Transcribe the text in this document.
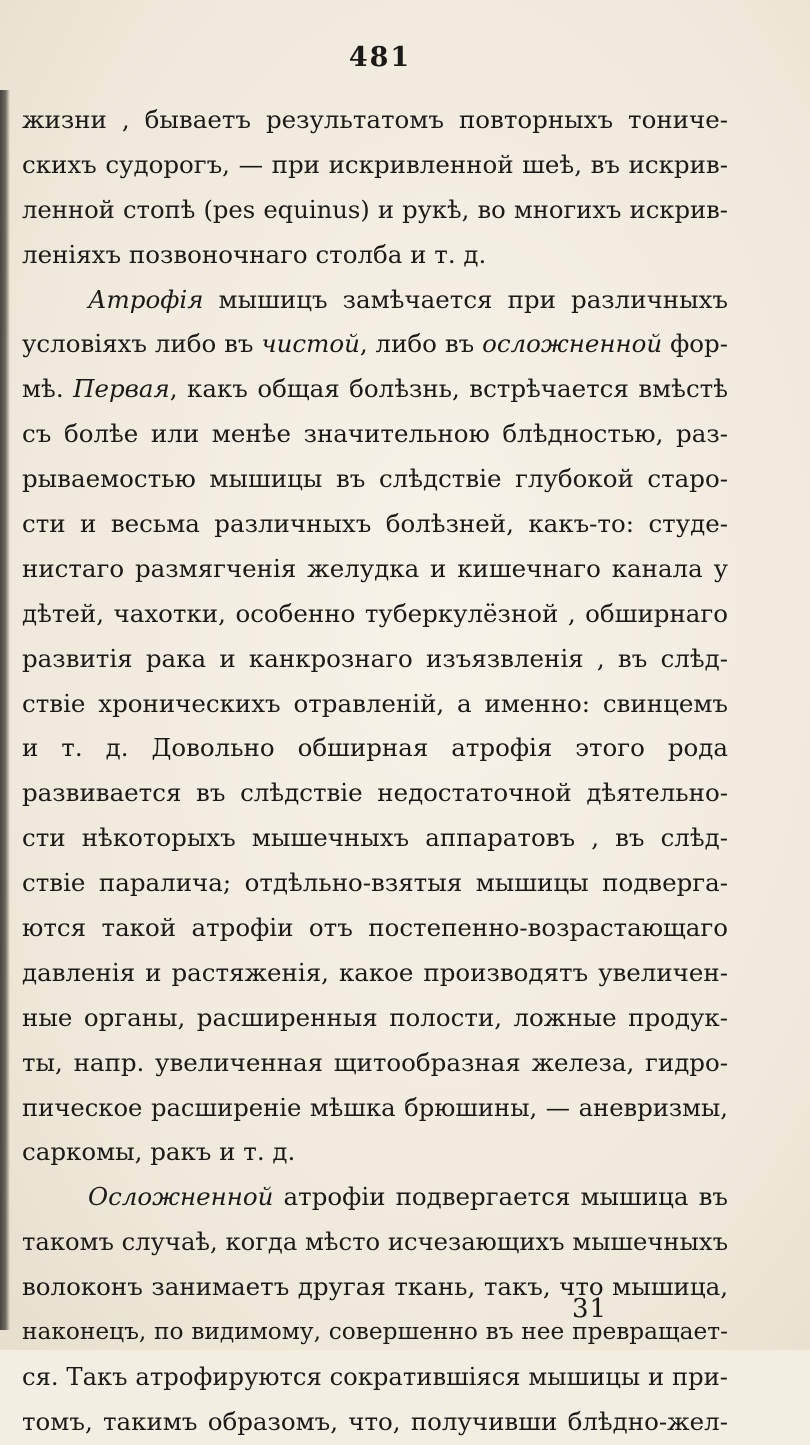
481
жизни , бываетъ результатомъ повторныхъ тониче-
скихъ судорогъ, — при искривленной шеѣ, въ искрив-
ленной стопѣ (pes equinus) и рукѣ, во многихъ искрив-
леніяхъ позвоночнаго столба и т. д.
Атрофія мышицъ замѣчается при различныхъ
условіяхъ либо въ чистой, либо въ осложненной фор-
мѣ. Первая, какъ общая болѣзнь, встрѣчается вмѣстѣ
съ болѣе или менѣе значительною блѣдностью, раз-
рываемостью мышицы въ слѣдствіе глубокой старо-
сти и весьма различныхъ болѣзней, какъ-то: студе-
нистаго размягченія желудка и кишечнаго канала у
дѣтей, чахотки, особенно туберкулёзной , обширнаго
развитія рака и канкрознаго изъязвленія , въ слѣд-
ствіе хроническихъ отравленій, а именно: свинцемъ
и т. д. Довольно обширная атрофія этого рода
развивается въ слѣдствіе недостаточной дѣятельно-
сти нѣкоторыхъ мышечныхъ аппаратовъ , въ слѣд-
ствіе паралича; отдѣльно-взятыя мышицы подверга-
ются такой атрофіи отъ постепенно-возрастающаго
давленія и растяженія, какое производятъ увеличен-
ные органы, расширенныя полости, ложные продук-
ты, напр. увеличенная щитообразная железа, гидро-
пическое расширеніе мѣшка брюшины, — аневризмы,
саркомы, ракъ и т. д.
Осложненной атрофіи подвергается мышица въ
такомъ случаѣ, когда мѣсто исчезающихъ мышечныхъ
волоконъ занимаетъ другая ткань, такъ, что мышица,
наконецъ, по видимому, совершенно въ нее превращает-
ся. Такъ атрофируются сократившіяся мышицы и при-
томъ, такимъ образомъ, что, получивши блѣдно-жел-
31
